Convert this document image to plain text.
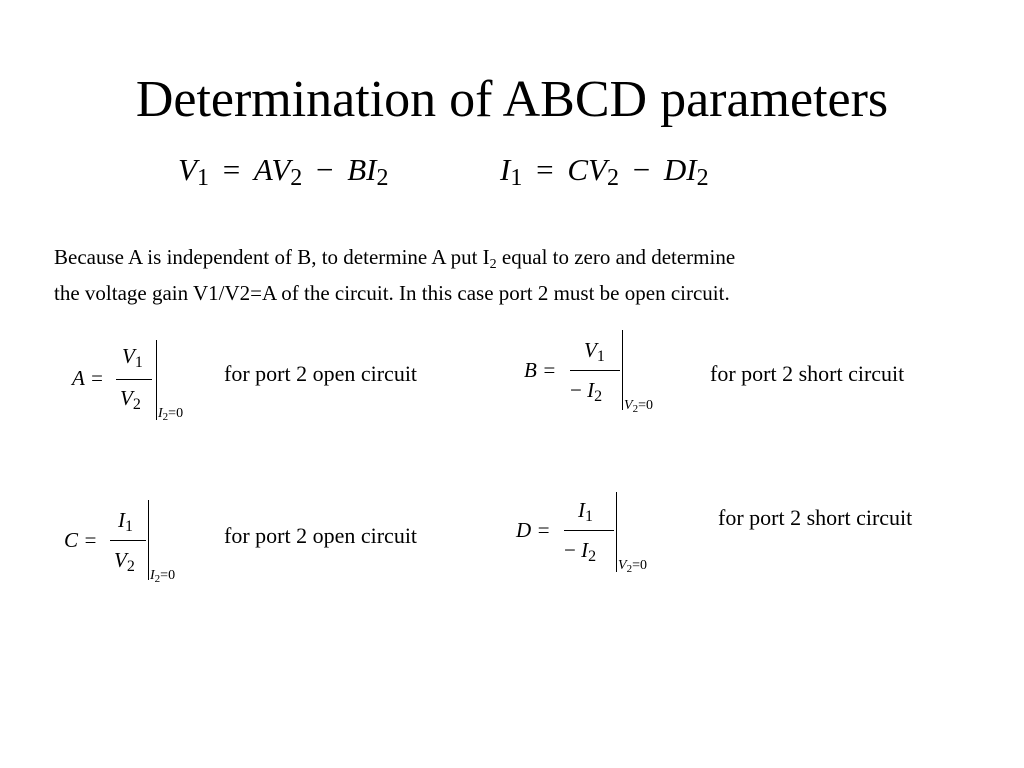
Determination of ABCD parameters
$V_1 = AV_2 - BI_2$	$I_1 = CV_2 - DI_2$
Because A is independent of B, to determine A put $I_2$ equal to zero and determine
the voltage gain V1/V2=A of the circuit. In this case port 2 must be open circuit.
A =
$V_1$
$V_2$
$I_2=0$
for port 2 open circuit	B =
$V_1$
− $I_2$
$V_2=0$
for port 2 short circuit
C =
$I_1$
$V_2$
$I_2=0$
for port 2 open circuit	D =
$I_1$
− $I_2$
$V_2=0$
for port 2 short circuit
